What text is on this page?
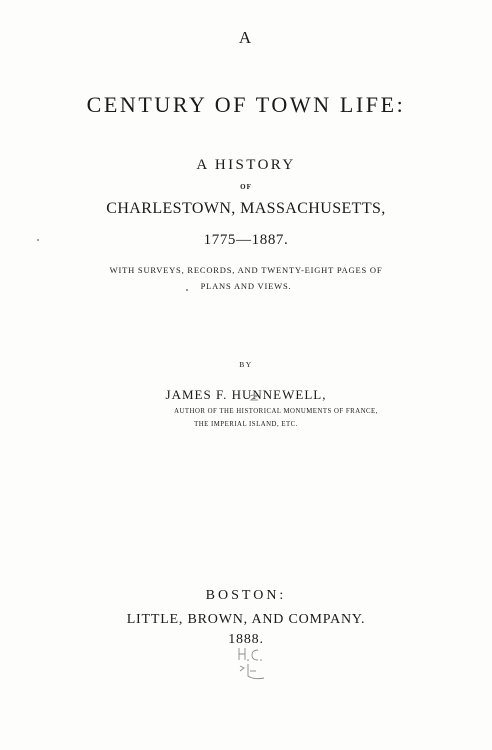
A
CENTURY OF TOWN LIFE:
A HISTORY
OF
CHARLESTOWN, MASSACHUSETTS,
1775—1887.
WITH SURVEYS, RECORDS, AND TWENTY-EIGHT PAGES OF
PLANS AND VIEWS.
BY
JAMES F. HUNNEWELL,
AUTHOR OF THE HISTORICAL MONUMENTS OF FRANCE,
THE IMPERIAL ISLAND, ETC.
BOSTON:
LITTLE, BROWN, AND COMPANY.
1888.
